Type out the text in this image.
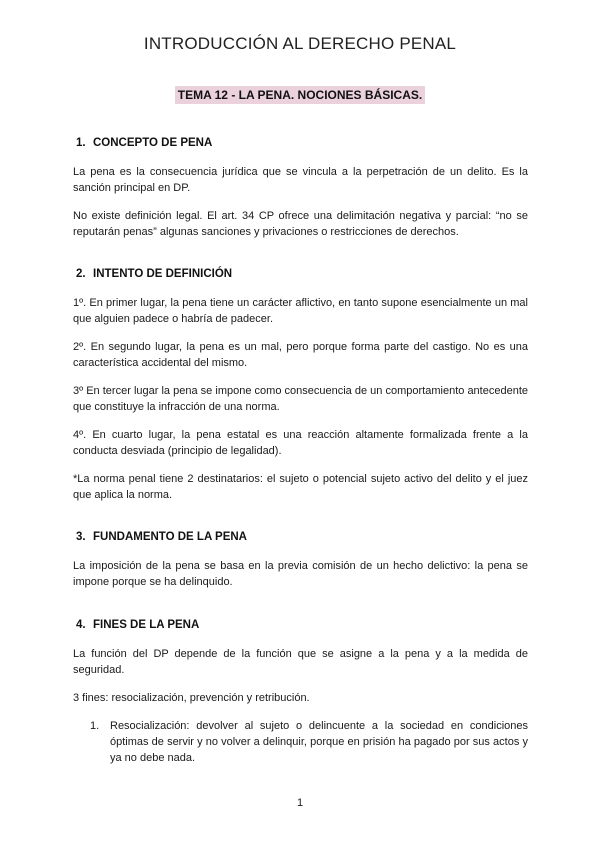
INTRODUCCIÓN AL DERECHO PENAL
TEMA 12 - LA PENA. NOCIONES BÁSICAS.
1. CONCEPTO DE PENA
La pena es la consecuencia jurídica que se vincula a la perpetración de un delito. Es la sanción principal en DP.
No existe definición legal. El art. 34 CP ofrece una delimitación negativa y parcial: “no se reputarán penas” algunas sanciones y privaciones o restricciones de derechos.
2. INTENTO DE DEFINICIÓN
1º. En primer lugar, la pena tiene un carácter aflictivo, en tanto supone esencialmente un mal que alguien padece o habría de padecer.
2º. En segundo lugar, la pena es un mal, pero porque forma parte del castigo. No es una característica accidental del mismo.
3º En tercer lugar la pena se impone como consecuencia de un comportamiento antecedente que constituye la infracción de una norma.
4º. En cuarto lugar, la pena estatal es una reacción altamente formalizada frente a la conducta desviada (principio de legalidad).
*La norma penal tiene 2 destinatarios: el sujeto o potencial sujeto activo del delito y el juez que aplica la norma.
3. FUNDAMENTO DE LA PENA
La imposición de la pena se basa en la previa comisión de un hecho delictivo: la pena se impone porque se ha delinquido.
4. FINES DE LA PENA
La función del DP depende de la función que se asigne a la pena y a la medida de seguridad.
3 fines: resocialización, prevención y retribución.
1. Resocialización: devolver al sujeto o delincuente a la sociedad en condiciones óptimas de servir y no volver a delinquir, porque en prisión ha pagado por sus actos y ya no debe nada.
1
